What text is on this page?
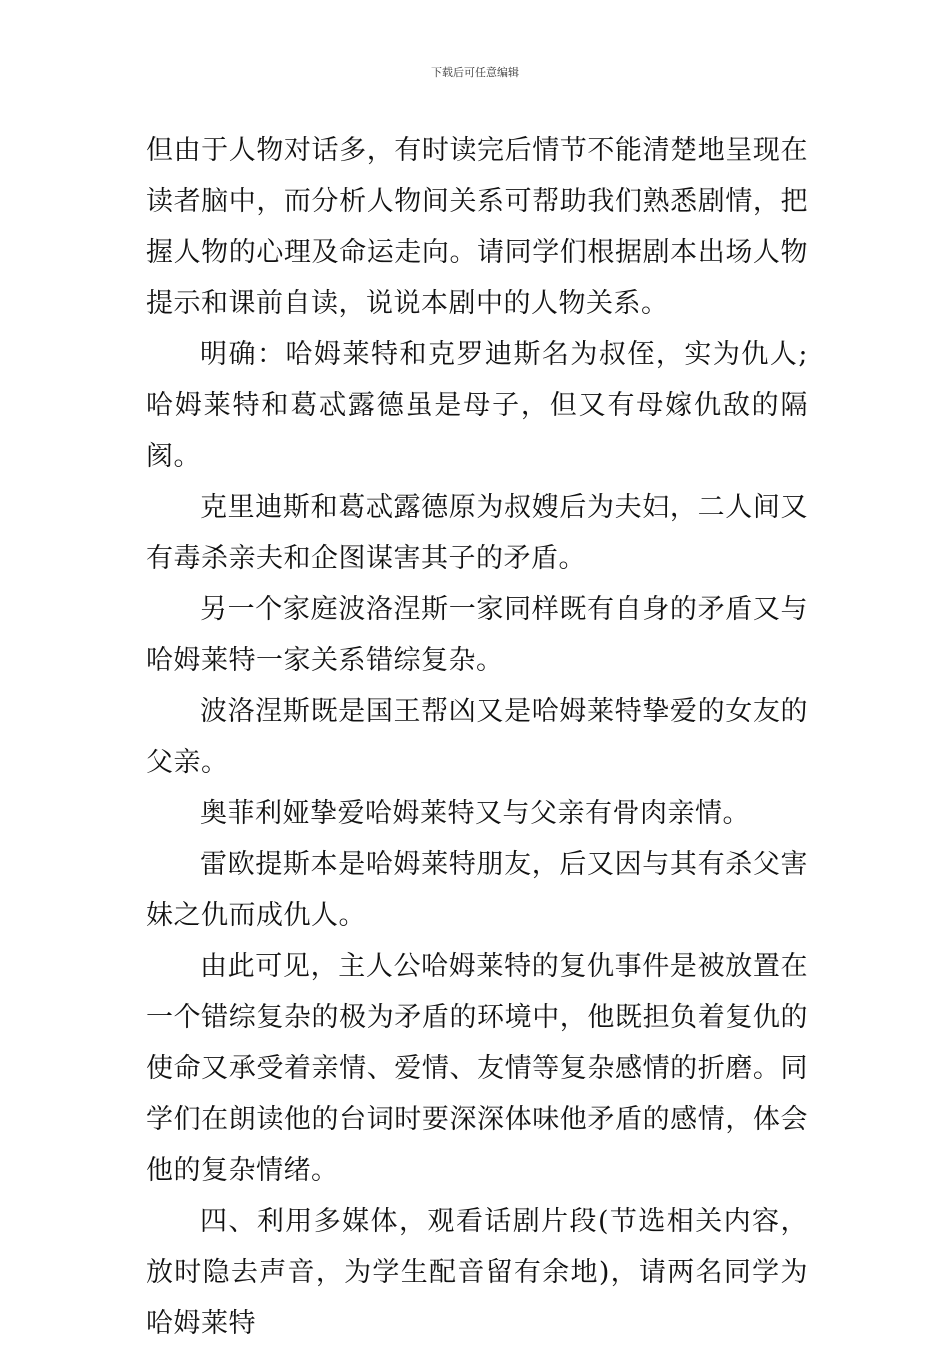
下载后可任意编辑

但由于人物对话多，有时读完后情节不能清楚地呈现在读者脑中，而分析人物间关系可帮助我们熟悉剧情，把握人物的心理及命运走向。请同学们根据剧本出场人物提示和课前自读，说说本剧中的人物关系。

明确：哈姆莱特和克罗迪斯名为叔侄，实为仇人;哈姆莱特和葛忒露德虽是母子，但又有母嫁仇敌的隔阂。

克里迪斯和葛忒露德原为叔嫂后为夫妇，二人间又有毒杀亲夫和企图谋害其子的矛盾。

另一个家庭波洛涅斯一家同样既有自身的矛盾又与哈姆莱特一家关系错综复杂。

波洛涅斯既是国王帮凶又是哈姆莱特挚爱的女友的父亲。

奥菲利娅挚爱哈姆莱特又与父亲有骨肉亲情。

雷欧提斯本是哈姆莱特朋友，后又因与其有杀父害妹之仇而成仇人。

由此可见，主人公哈姆莱特的复仇事件是被放置在一个错综复杂的极为矛盾的环境中，他既担负着复仇的使命又承受着亲情、爱情、友情等复杂感情的折磨。同学们在朗读他的台词时要深深体味他矛盾的感情，体会他的复杂情绪。

四、利用多媒体，观看话剧片段(节选相关内容，放时隐去声音，为学生配音留有余地)，请两名同学为哈姆莱特
